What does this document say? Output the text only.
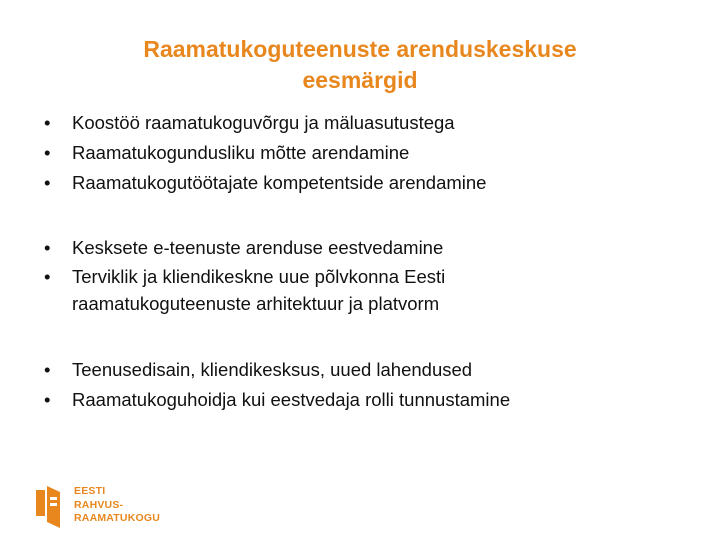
Raamatukoguteenuste arenduskeskuse
eesmärgid
•	Koostöö raamatukoguvõrgu ja mäluasutustega
•	Raamatukogundusliku mõtte arendamine
•	Raamatukogutöötajate kompetentside arendamine
•	Kesksete e-teenuste arenduse eestvedamine
•	Terviklik ja kliendikeskne uue põlvkonna Eesti raamatukoguteenuste arhitektuur ja platvorm
•	Teenusedisain, kliendikesksus, uued lahendused
•	Raamatukoguhoidja kui eestvedaja rolli tunnustamine
EESTI
RAHVUS-
RAAMATUKOGU
